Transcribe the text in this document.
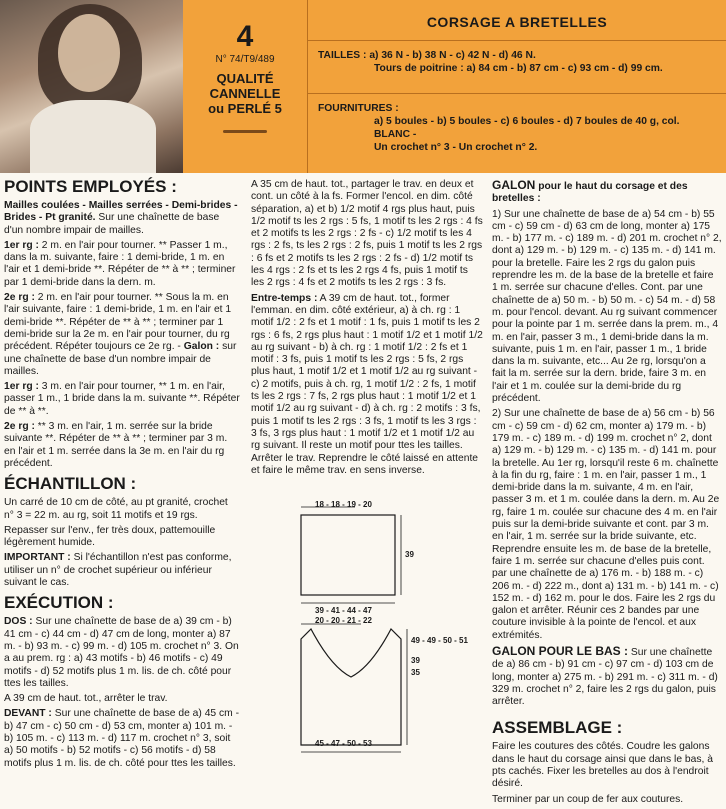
4
N° 74/T9/489
QUALITÉ
CANNELLE
ou PERLÉ 5
CORSAGE A BRETELLES
TAILLES : a) 36 N - b) 38 N - c) 42 N - d) 46 N.
Tours de poitrine : a) 84 cm - b) 87 cm - c) 93 cm - d) 99 cm.
FOURNITURES :
a) 5 boules - b) 5 boules - c) 6 boules - d) 7 boules de 40 g, col. BLANC -
Un crochet n° 3 - Un crochet n° 2.
POINTS EMPLOYÉS :

Mailles coulées - Mailles serrées - Demi-brides - Brides - Pt granité. Sur une chaînette de base d'un nombre impair de mailles.

1er rg : 2 m. en l'air pour tourner. ** Passer 1 m., dans la m. suivante, faire : 1 demi-bride, 1 m. en l'air et 1 demi-bride **. Répéter de ** à ** ; terminer par 1 demi-bride dans la dern. m.

2e rg : 2 m. en l'air pour tourner. ** Sous la m. en l'air suivante, faire : 1 demi-bride, 1 m. en l'air et 1 demi-bride **. Répéter de ** à ** ; terminer par 1 demi-bride sur la 2e m. en l'air pour tourner, du rg précédent. Répéter toujours ce 2e rg. - Galon : sur une chaînette de base d'un nombre impair de mailles.

1er rg : 3 m. en l'air pour tourner, ** 1 m. en l'air, passer 1 m., 1 bride dans la m. suivante **. Répéter de ** à **.

2e rg : ** 3 m. en l'air, 1 m. serrée sur la bride suivante **. Répéter de ** à ** ; terminer par 3 m. en l'air et 1 m. serrée dans la 3e m. en l'air du rg précédent.

ÉCHANTILLON :

Un carré de 10 cm de côté, au pt granité, crochet n° 3 = 22 m. au rg, soit 11 motifs et 19 rgs.

Repasser sur l'env., fer très doux, pattemouille légèrement humide.

IMPORTANT : Si l'échantillon n'est pas conforme, utiliser un n° de crochet supérieur ou inférieur suivant le cas.

EXÉCUTION :

DOS : Sur une chaînette de base de a) 39 cm - b) 41 cm - c) 44 cm - d) 47 cm de long, monter a) 87 m. - b) 93 m. - c) 99 m. - d) 105 m. crochet n° 3. On a au prem. rg : a) 43 motifs - b) 46 motifs - c) 49 motifs - d) 52 motifs plus 1 m. lis. de ch. côté pour ttes les tailles.

A 39 cm de haut. tot., arrêter le trav.

DEVANT : Sur une chaînette de base de a) 45 cm - b) 47 cm - c) 50 cm - d) 53 cm, monter a) 101 m. - b) 105 m. - c) 113 m. - d) 117 m. crochet n° 3, soit a) 50 motifs - b) 52 motifs - c) 56 motifs - d) 58 motifs plus 1 m. lis. de ch. côté pour ttes les tailles.

A 35 cm de haut. tot., partager le trav. en deux et cont. un côté à la fs. Former l'encol. en dim. côté séparation, a) et b) 1/2 motif 4 rgs plus haut, puis 1/2 motif ts les 2 rgs : 5 fs, 1 motif ts les 2 rgs : 4 fs et 2 motifs ts les 2 rgs : 2 fs - c) 1/2 motif ts les 4 rgs : 2 fs, ts les 2 rgs : 2 fs, puis 1 motif ts les 2 rgs : 6 fs et 2 motifs ts les 2 rgs : 2 fs - d) 1/2 motif ts les 4 rgs : 2 fs et ts les 2 rgs 4 fs, puis 1 motif ts les 2 rgs : 4 fs et 2 motifs ts les 2 rgs : 3 fs.

Entre-temps : A 39 cm de haut. tot., former l'emman. en dim. côté extérieur, a) à ch. rg : 1 motif 1/2 : 2 fs et 1 motif : 1 fs, puis 1 motif ts les 2 rgs : 6 fs, 2 rgs plus haut : 1 motif 1/2 et 1 motif 1/2 au rg suivant - b) à ch. rg : 1 motif 1/2 : 2 fs et 1 motif : 3 fs, puis 1 motif ts les 2 rgs : 5 fs, 2 rgs plus haut, 1 motif 1/2 et 1 motif 1/2 au rg suivant - c) 2 motifs, puis à ch. rg, 1 motif 1/2 : 2 fs, 1 motif ts les 2 rgs : 7 fs, 2 rgs plus haut : 1 motif 1/2 et 1 motif 1/2 au rg suivant - d) à ch. rg : 2 motifs : 3 fs, puis 1 motif ts les 2 rgs : 3 fs, 1 motif ts les 3 rgs : 3 fs, 3 rgs plus haut : 1 motif 1/2 et 1 motif 1/2 au rg suivant. Il reste un motif pour ttes les tailles. Arrêter le trav. Reprendre le côté laissé en attente et faire le même trav. en sens inverse.

18 - 18 - 19 - 20
39
39 - 41 - 44 - 47
20 - 20 - 21 - 22
49 - 49 - 50 - 51
39
35
45 - 47 - 50 - 53

GALON pour le haut du corsage et des bretelles :

1) Sur une chaînette de base de a) 54 cm - b) 55 cm - c) 59 cm - d) 63 cm de long, monter a) 175 m. - b) 177 m. - c) 189 m. - d) 201 m. crochet n° 2, dont a) 129 m. - b) 129 m. - c) 135 m. - d) 141 m. pour la bretelle. Faire les 2 rgs du galon puis reprendre les m. de la base de la bretelle et faire 1 m. serrée sur chacune d'elles. Cont. par une chaînette de a) 50 m. - b) 50 m. - c) 54 m. - d) 58 m. pour l'encol. devant. Au rg suivant commencer pour la pointe par 1 m. serrée dans la prem. m., 4 m. en l'air, passer 3 m., 1 demi-bride dans la m. suivante, puis 1 m. en l'air, passer 1 m., 1 bride dans la m. suivante, etc... Au 2e rg, lorsqu'on a fait la m. serrée sur la dern. bride, faire 3 m. en l'air et 1 m. coulée sur la demi-bride du rg précédent.

2) Sur une chaînette de base de a) 56 cm - b) 56 cm - c) 59 cm - d) 62 cm, monter a) 179 m. - b) 179 m. - c) 189 m. - d) 199 m. crochet n° 2, dont a) 129 m. - b) 129 m. - c) 135 m. - d) 141 m. pour la bretelle. Au 1er rg, lorsqu'il reste 6 m. chaînette à la fin du rg, faire : 1 m. en l'air, passer 1 m., 1 demi-bride dans la m. suivante, 4 m. en l'air, passer 3 m. et 1 m. coulée dans la dern. m. Au 2e rg, faire 1 m. coulée sur chacune des 4 m. en l'air puis sur la demi-bride suivante et cont. par 3 m. en l'air, 1 m. serrée sur la bride suivante, etc. Reprendre ensuite les m. de base de la bretelle, faire 1 m. serrée sur chacune d'elles puis cont. par une chaînette de a) 176 m. - b) 188 m. - c) 206 m. - d) 222 m., dont a) 131 m. - b) 141 m. - c) 152 m. - d) 162 m. pour le dos. Faire les 2 rgs du galon et arrêter. Réunir ces 2 bandes par une couture invisible à la pointe de l'encol. et aux extrémités.

GALON POUR LE BAS : Sur une chaînette de a) 86 cm - b) 91 cm - c) 97 cm - d) 103 cm de long, monter a) 275 m. - b) 291 m. - c) 311 m. - d) 329 m. crochet n° 2, faire les 2 rgs du galon, puis arrêter.

ASSEMBLAGE :

Faire les coutures des côtés. Coudre les galons dans le haut du corsage ainsi que dans le bas, à pts cachés. Fixer les bretelles au dos à l'endroit désiré.

Terminer par un coup de fer aux coutures.
